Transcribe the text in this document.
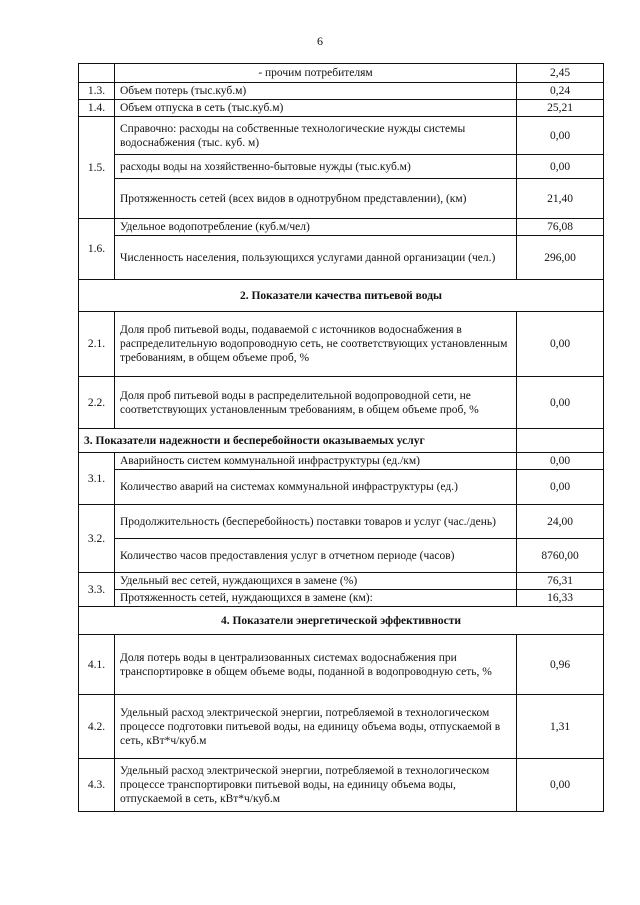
6
	- прочим потребителям	2,45
1.3.	Объем потерь (тыс.куб.м)	0,24
1.4.	Объем отпуска в сеть (тыс.куб.м)	25,21
1.5.	Справочно: расходы на собственные технологические нужды системы водоснабжения (тыс. куб. м)	0,00
	расходы воды на хозяйственно-бытовые нужды (тыс.куб.м)	0,00
	Протяженность сетей (всех видов в однотрубном представлении), (км)	21,40
1.6.	Удельное водопотребление (куб.м/чел)	76,08
	Численность населения, пользующихся услугами данной организации (чел.)	296,00
2. Показатели качества питьевой воды		
2.1.	Доля проб питьевой воды, подаваемой с источников водоснабжения в распределительную водопроводную сеть, не соответствующих установленным требованиям, в общем объеме проб, %	0,00
2.2.	Доля проб питьевой воды в распределительной водопроводной сети, не соответствующих установленным требованиям, в общем объеме проб, %	0,00
3. Показатели надежности и бесперебойности оказываемых услуг		
3.1.	Аварийность систем коммунальной инфраструктуры (ед./км)	0,00
	Количество аварий на системах коммунальной инфраструктуры (ед.)	0,00
3.2.	Продолжительность (бесперебойность) поставки товаров и услуг (час./день)	24,00
	Количество часов предоставления услуг в отчетном периоде (часов)	8760,00
3.3.	Удельный вес сетей, нуждающихся в замене (%)	76,31
	Протяженность сетей, нуждающихся в замене (км):	16,33
4. Показатели энергетической эффективности		
4.1.	Доля потерь воды в централизованных системах водоснабжения при транспортировке в общем объеме воды, поданной в водопроводную сеть, %	0,96
4.2.	Удельный расход электрической энергии, потребляемой в технологическом процессе подготовки питьевой воды, на единицу объема воды, отпускаемой в сеть, кВт*ч/куб.м	1,31
4.3.	Удельный расход электрической энергии, потребляемой в технологическом процессе транспортировки питьевой воды, на единицу объема воды, отпускаемой в сеть, кВт*ч/куб.м	0,00
